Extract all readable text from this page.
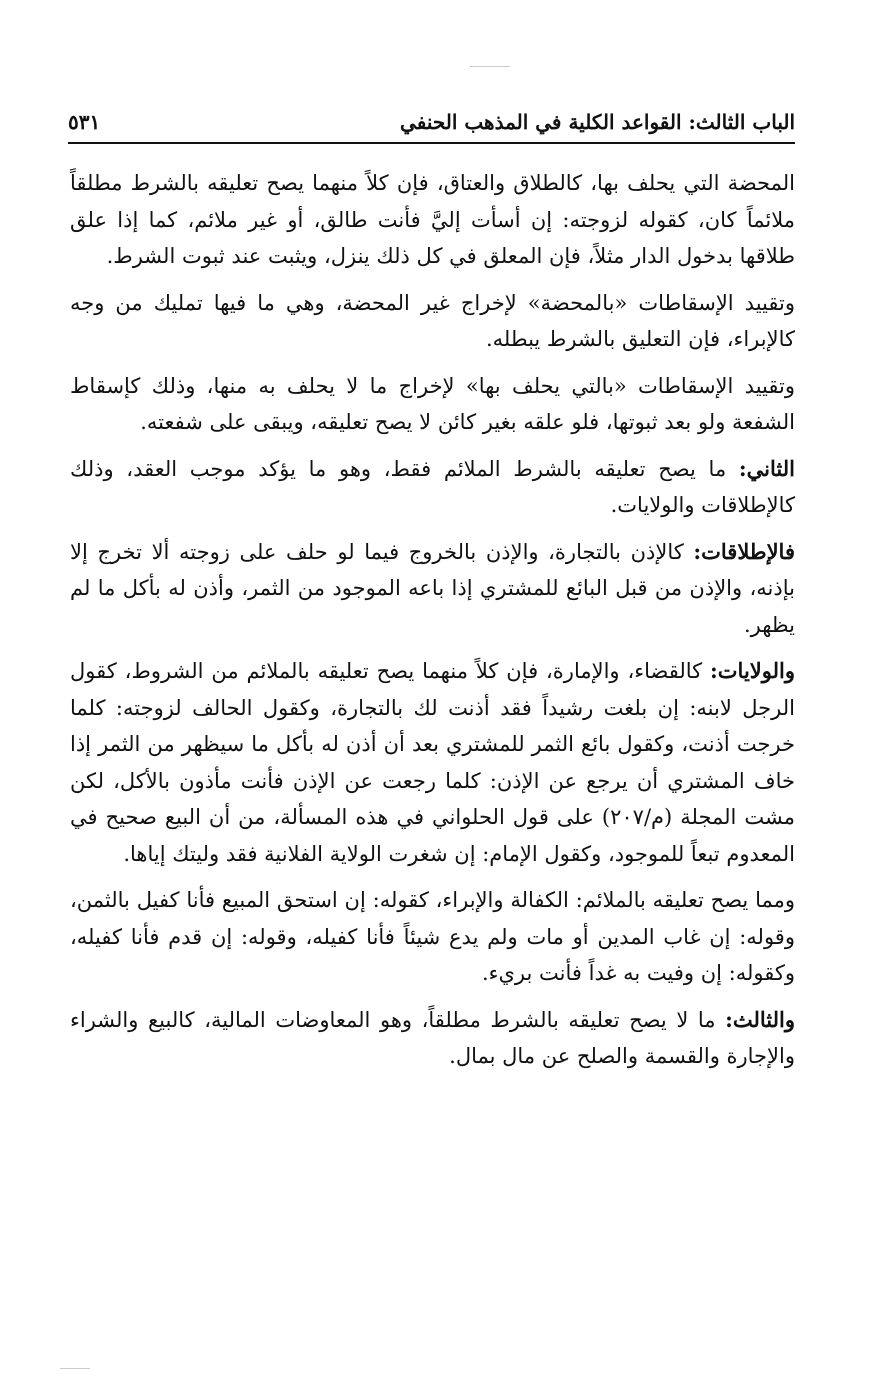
الباب الثالث: القواعد الكلية في المذهب الحنفي
٥٣١

المحضة التي يحلف بها، كالطلاق والعتاق، فإن كلاً منهما يصح تعليقه بالشرط مطلقاً ملائماً كان، كقوله لزوجته: إن أسأت إليَّ فأنت طالق، أو غير ملائم، كما إذا علق طلاقها بدخول الدار مثلاً، فإن المعلق في كل ذلك ينزل، ويثبت عند ثبوت الشرط.

وتقييد الإسقاطات «بالمحضة» لإخراج غير المحضة، وهي ما فيها تمليك من وجه كالإبراء، فإن التعليق بالشرط يبطله.

وتقييد الإسقاطات «بالتي يحلف بها» لإخراج ما لا يحلف به منها، وذلك كإسقاط الشفعة ولو بعد ثبوتها، فلو علقه بغير كائن لا يصح تعليقه، ويبقى على شفعته.

الثاني: ما يصح تعليقه بالشرط الملائم فقط، وهو ما يؤكد موجب العقد، وذلك كالإطلاقات والولايات.

فالإطلاقات: كالإذن بالتجارة، والإذن بالخروج فيما لو حلف على زوجته ألا تخرج إلا بإذنه، والإذن من قبل البائع للمشتري إذا باعه الموجود من الثمر، وأذن له بأكل ما لم يظهر.

والولايات: كالقضاء، والإمارة، فإن كلاً منهما يصح تعليقه بالملائم من الشروط، كقول الرجل لابنه: إن بلغت رشيداً فقد أذنت لك بالتجارة، وكقول الحالف لزوجته: كلما خرجت أذنت، وكقول بائع الثمر للمشتري بعد أن أذن له بأكل ما سيظهر من الثمر إذا خاف المشتري أن يرجع عن الإذن: كلما رجعت عن الإذن فأنت مأذون بالأكل، لكن مشت المجلة (م/٢٠٧) على قول الحلواني في هذه المسألة، من أن البيع صحيح في المعدوم تبعاً للموجود، وكقول الإمام: إن شغرت الولاية الفلانية فقد وليتك إياها.

ومما يصح تعليقه بالملائم: الكفالة والإبراء، كقوله: إن استحق المبيع فأنا كفيل بالثمن، وقوله: إن غاب المدين أو مات ولم يدع شيئاً فأنا كفيله، وقوله: إن قدم فأنا كفيله، وكقوله: إن وفيت به غداً فأنت بريء.

والثالث: ما لا يصح تعليقه بالشرط مطلقاً، وهو المعاوضات المالية، كالبيع والشراء والإجارة والقسمة والصلح عن مال بمال.
